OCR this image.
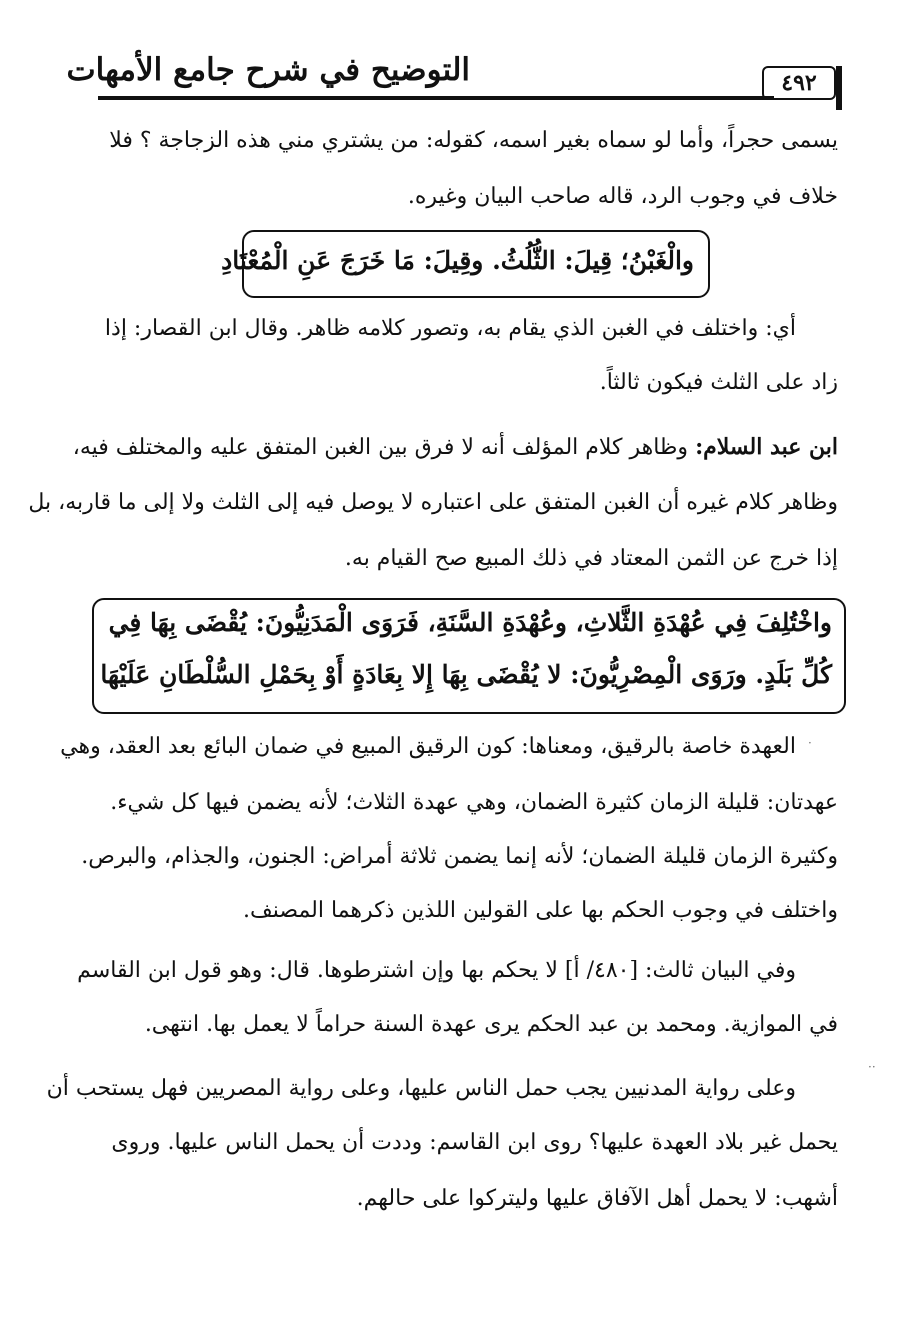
التوضيح في شرح جامع الأمهات	٤٩٢
يسمى حجراً، وأما لو سماه بغير اسمه، كقوله: من يشتري مني هذه الزجاجة ؟ فلا
خلاف في وجوب الرد، قاله صاحب البيان وغيره.
والْغَبْنُ؛ قِيلَ: الثُّلُثُ. وقِيلَ: مَا خَرَجَ عَنِ الْمُعْتَادِ
أي: واختلف في الغبن الذي يقام به، وتصور كلامه ظاهر. وقال ابن القصار: إذا
زاد على الثلث فيكون ثالثاً.
ابن عبد السلام: وظاهر كلام المؤلف أنه لا فرق بين الغبن المتفق عليه والمختلف فيه،
وظاهر كلام غيره أن الغبن المتفق على اعتباره لا يوصل فيه إلى الثلث ولا إلى ما قاربه، بل
إذا خرج عن الثمن المعتاد في ذلك المبيع صح القيام به.
واخْتُلِفَ فِي عُهْدَةِ الثَّلاثِ، وعُهْدَةِ السَّنَةِ، فَرَوَى الْمَدَنِيُّونَ: يُقْضَى بِهَا فِي
كُلِّ بَلَدٍ. ورَوَى الْمِصْرِيُّونَ: لا يُقْضَى بِهَا إِلا بِعَادَةٍ أَوْ بِحَمْلِ السُّلْطَانِ عَلَيْهَا
العهدة خاصة بالرقيق، ومعناها: كون الرقيق المبيع في ضمان البائع بعد العقد، وهي
عهدتان: قليلة الزمان كثيرة الضمان، وهي عهدة الثلاث؛ لأنه يضمن فيها كل شيء.
وكثيرة الزمان قليلة الضمان؛ لأنه إنما يضمن ثلاثة أمراض: الجنون، والجذام، والبرص.
واختلف في وجوب الحكم بها على القولين اللذين ذكرهما المصنف.
وفي البيان ثالث: [٤٨٠/ أ] لا يحكم بها وإن اشترطوها. قال: وهو قول ابن القاسم
في الموازية. ومحمد بن عبد الحكم يرى عهدة السنة حراماً لا يعمل بها. انتهى.
وعلى رواية المدنيين يجب حمل الناس عليها، وعلى رواية المصريين فهل يستحب أن
يحمل غير بلاد العهدة عليها؟ روى ابن القاسم: وددت أن يحمل الناس عليها. وروى
أشهب: لا يحمل أهل الآفاق عليها وليتركوا على حالهم.
·
··
